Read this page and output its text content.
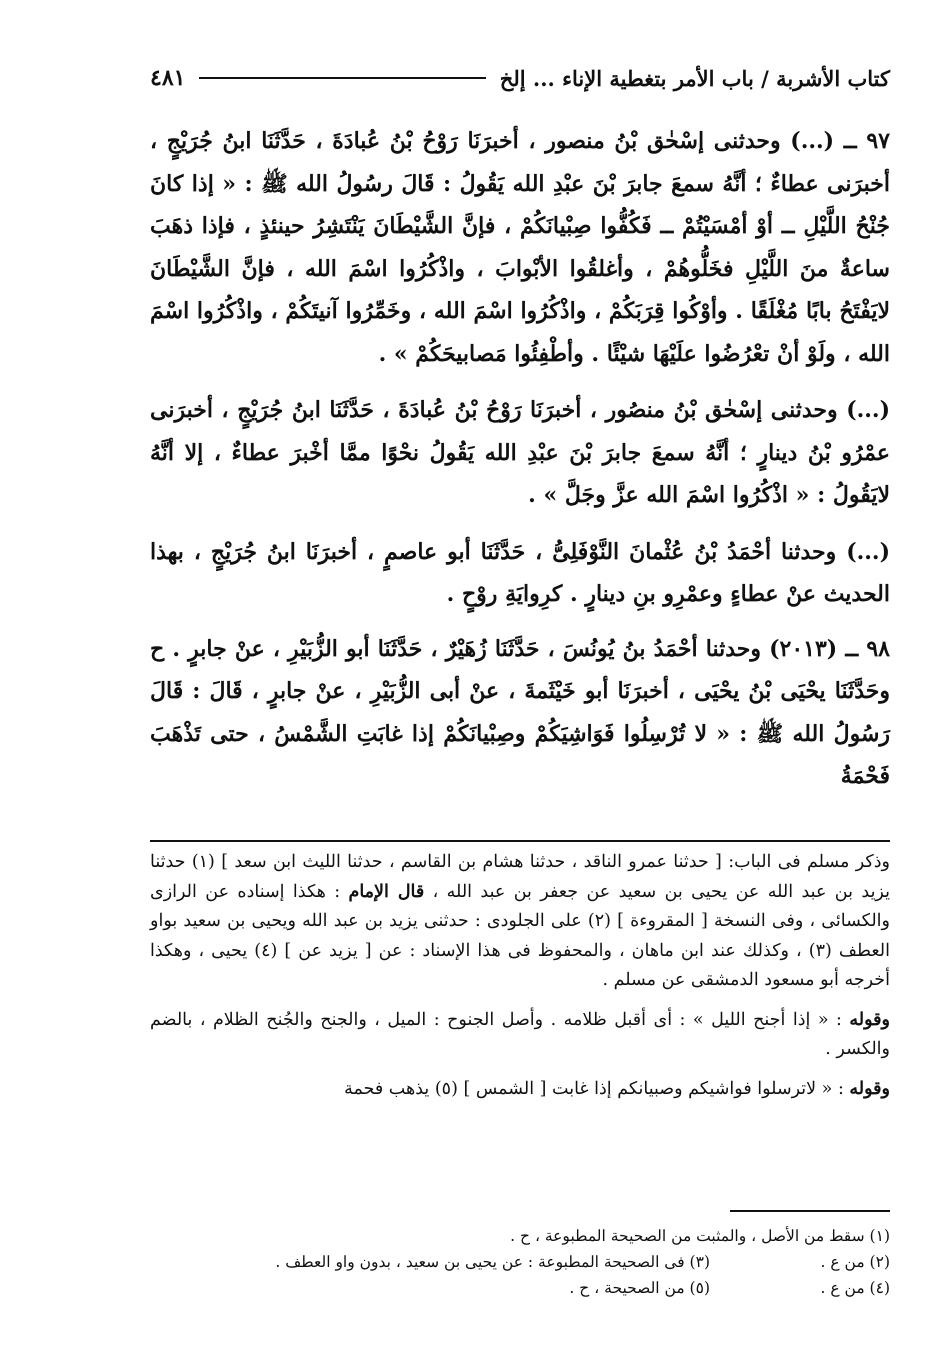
كتاب الأشربة / باب الأمر بتغطية الإناء ... إلخ
٤٨١

٩٧ ــ (...) وحدثنى إسْحٰق بْنُ منصور ، أخبرَنَا رَوْحُ بْنُ عُبادَةَ ، حَدَّثَنَا ابنُ جُرَيْجٍ ، أخبرَنى عطاءٌ ؛ أنَّهُ سمعَ جابرَ بْنَ عبْدِ الله يَقُولُ : قَالَ رسُولُ الله ﷺ : « إذا كانَ جُنْحُ اللَّيْلِ ــ أوْ أمْسَيْتُمْ ــ فَكُفُّوا صِبْيانَكُمْ ، فإنَّ الشَّيْطَانَ يَنْتَشِرُ حينئذٍ ، فإذا ذهَبَ ساعةٌ منَ اللَّيْلِ فخَلُّوهُمْ ، وأغلقُوا الأبْوابَ ، واذْكُرُوا اسْمَ الله ، فإنَّ الشَّيْطَانَ لايَفْتَحُ بابًا مُغْلَقًا . وأوْكُوا قِرَبَكُمْ ، واذْكُرُوا اسْمَ الله ، وخَمِّرُوا آنيتَكُمْ ، واذْكُرُوا اسْمَ الله ، ولَوْ أنْ تعْرُضُوا علَيْهَا شيْئًا . وأطْفِئُوا مَصابيحَكُمْ » .

(...) وحدثنى إسْحٰق بْنُ منصُور ، أخبرَنَا رَوْحُ بْنُ عُبادَةَ ، حَدَّثَنَا ابنُ جُرَيْجٍ ، أخبرَنى عمْرُو بْنُ دينارٍ ؛ أنَّهُ سمعَ جابرَ بْنَ عبْدِ الله يَقُولُ نحْوًا ممَّا أخْبرَ عطاءٌ ، إلا أنَّهُ لايَقُولُ : « اذْكُرُوا اسْمَ الله عزَّ وجَلَّ » .

(...) وحدثنا أحْمَدُ بْنُ عُثْمانَ النَّوْفَلِىُّ ، حَدَّثَنَا أبو عاصمٍ ، أخبرَنَا ابنُ جُرَيْجٍ ، بهذا الحديث عنْ عطاءٍ وعمْرِو بنِ دينارٍ . كرِوايَةِ روْحٍ .

٩٨ ــ (٢٠١٣) وحدثنا أحْمَدُ بنُ يُونُسَ ، حَدَّثَنَا زُهَيْرٌ ، حَدَّثَنَا أبو الزُّبَيْرِ ، عنْ جابرٍ . ح وحَدَّثَنَا يحْيَى بْنُ يحْيَى ، أخبرَنَا أبو خَيْثَمةَ ، عنْ أبى الزُّبَيْرِ ، عنْ جابرٍ ، قَالَ : قَالَ رَسُولُ الله ﷺ : « لا تُرْسِلُوا فَوَاشِيَكُمْ وصِبْيانَكُمْ إذا غابَتِ الشَّمْسُ ، حتى تَذْهَبَ فَحْمَةُ

وذكر مسلم فى الباب: [ حدثنا عمرو الناقد ، حدثنا هشام بن القاسم ، حدثنا الليث ابن سعد ] (١) حدثنا يزيد بن عبد الله عن يحيى بن سعيد عن جعفر بن عبد الله ، قال الإمام : هكذا إسناده عن الرازى والكسائى ، وفى النسخة [ المقروءة ] (٢) على الجلودى : حدثنى يزيد بن عبد الله ويحيى بن سعيد بواو العطف (٣) ، وكذلك عند ابن ماهان ، والمحفوظ فى هذا الإسناد : عن [ يزيد عن ] (٤) يحيى ، وهكذا أخرجه أبو مسعود الدمشقى عن مسلم .

وقوله : « إذا أجنح الليل » : أى أقبل ظلامه . وأصل الجنوح : الميل ، والجنح والجُنح الظلام ، بالضم والكسر .

وقوله : « لاترسلوا فواشيكم وصبيانكم إذا غابت [ الشمس ] (٥) يذهب فحمة

(١) سقط من الأصل ، والمثبت من الصحيحة المطبوعة ، ح .
(٢) من ع .
(٣) فى الصحيحة المطبوعة : عن يحيى بن سعيد ، بدون واو العطف .
(٤) من ع .
(٥) من الصحيحة ، ح .
